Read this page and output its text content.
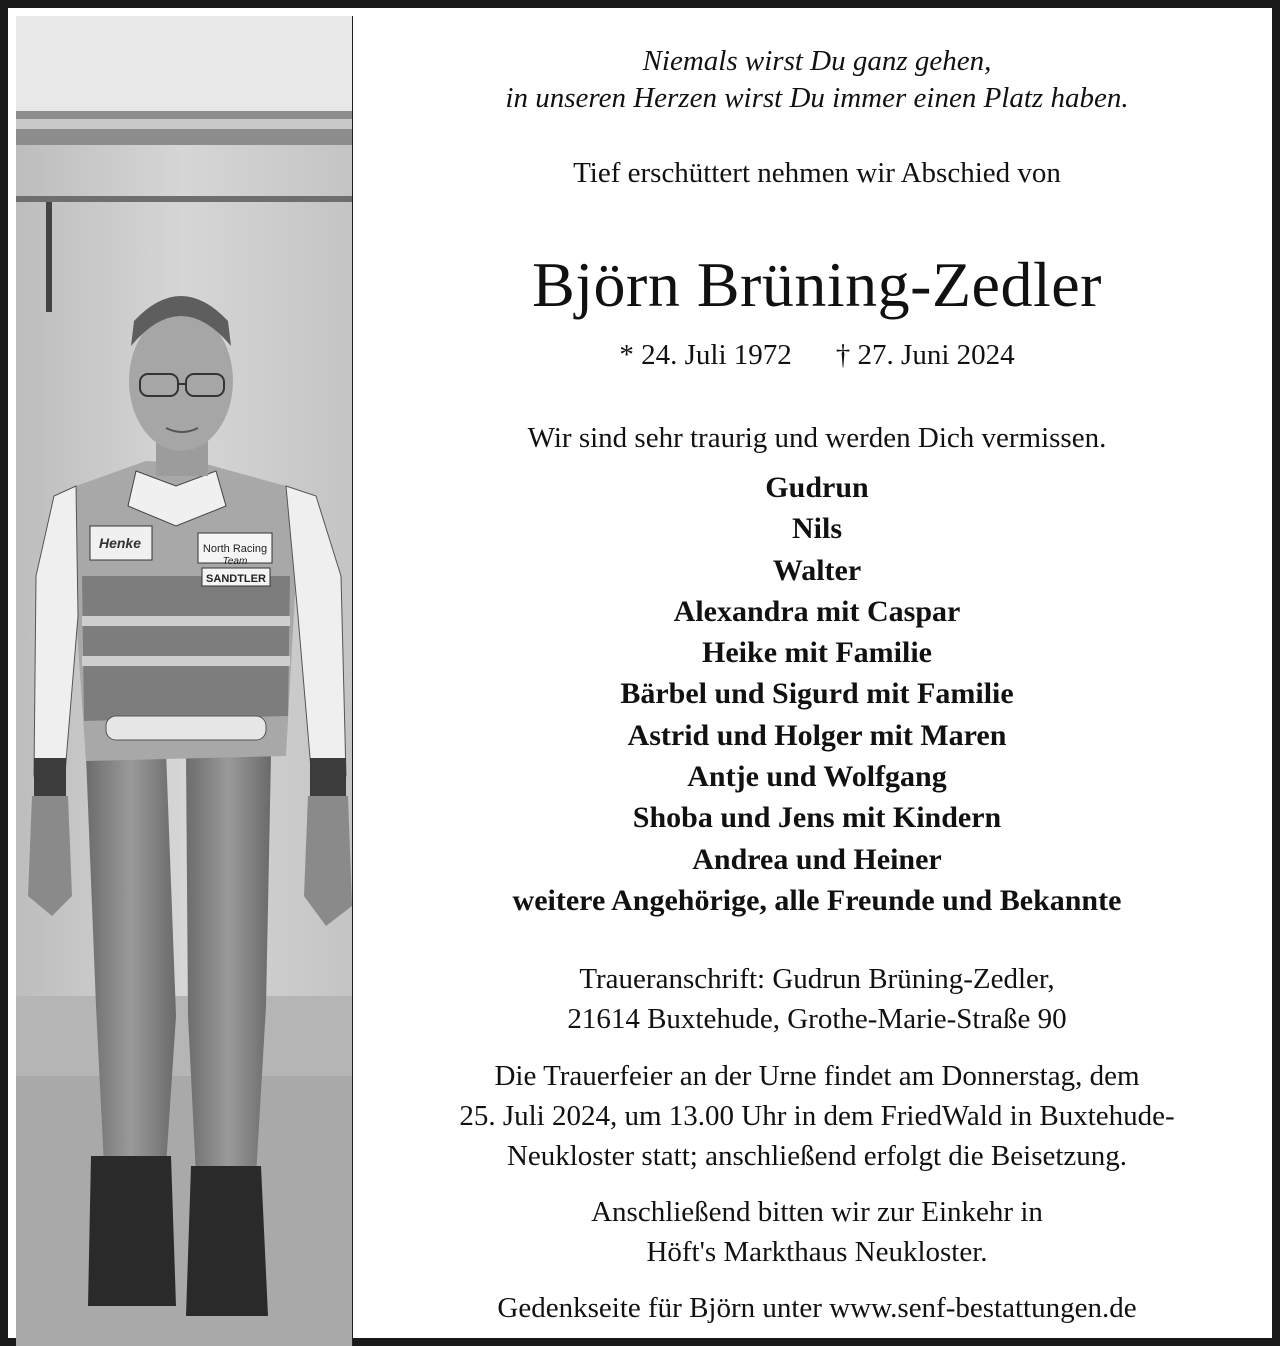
North Racing
SANDTLER
Henke
Team
Niemals wirst Du ganz gehen,
in unseren Herzen wirst Du immer einen Platz haben.
Tief erschüttert nehmen wir Abschied von
Björn Brüning-Zedler
* 24. Juli 1972 † 27. Juni 2024
Wir sind sehr traurig und werden Dich vermissen.
Gudrun
Nils
Walter
Alexandra mit Caspar
Heike mit Familie
Bärbel und Sigurd mit Familie
Astrid und Holger mit Maren
Antje und Wolfgang
Shoba und Jens mit Kindern
Andrea und Heiner
weitere Angehörige, alle Freunde und Bekannte
Traueranschrift: Gudrun Brüning-Zedler,
21614 Buxtehude, Grothe-Marie-Straße 90
Die Trauerfeier an der Urne findet am Donnerstag, dem
25. Juli 2024, um 13.00 Uhr in dem FriedWald in Buxtehude-
Neukloster statt; anschließend erfolgt die Beisetzung.
Anschließend bitten wir zur Einkehr in
Höft's Markthaus Neukloster.
Gedenkseite für Björn unter www.senf-bestattungen.de
